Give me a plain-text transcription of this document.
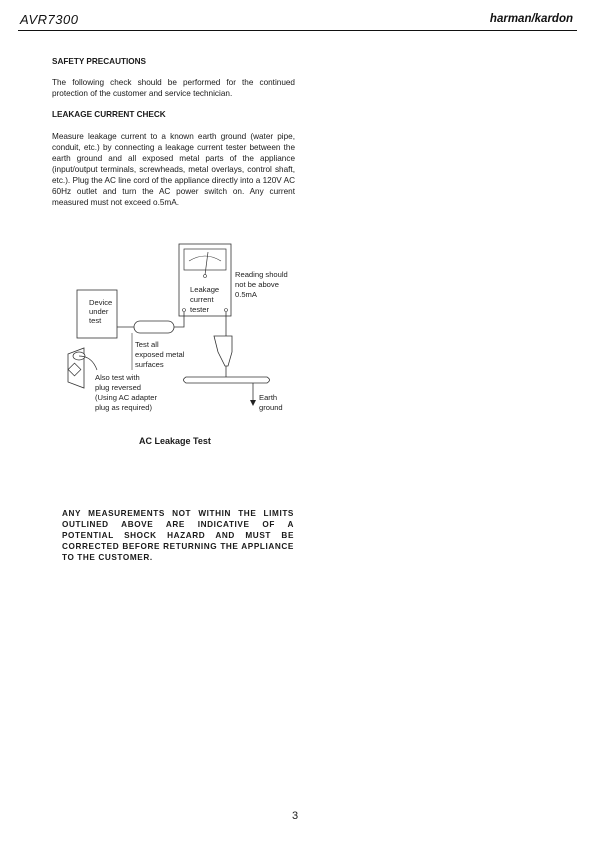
AVR7300	harman/kardon

SAFETY PRECAUTIONS

The following check should be performed for the continued protection of the customer and service technician.

LEAKAGE CURRENT CHECK

Measure leakage current to a known earth ground (water pipe, conduit, etc.) by connecting a leakage current tester between the earth ground and all exposed metal parts of the appliance (input/output terminals, screwheads, metal overlays, control shaft, etc.). Plug the AC line cord of the appliance directly into a 120V AC 60Hz outlet and turn the AC power switch on. Any current measured must not exceed o.5mA.

Device
under
test
Leakage
current
tester
Reading should
not be above
0.5mA
Earth
ground
Test all
exposed metal
surfaces
Also test with
plug reversed
(Using AC adapter
plug as required)
AC Leakage Test

ANY MEASUREMENTS NOT WITHIN THE LIMITS OUTLINED ABOVE ARE INDICATIVE OF A POTENTIAL SHOCK HAZARD AND MUST BE CORRECTED BEFORE RETURNING THE APPLIANCE TO THE CUSTOMER.

3
